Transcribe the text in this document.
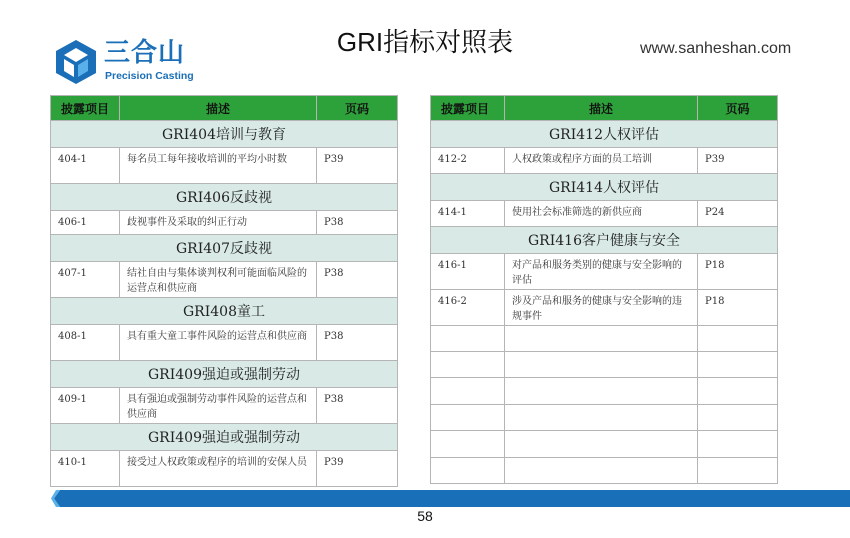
三合山
Precision Casting
GRI指标对照表	www.sanheshan.com
披露项目	描述	页码
GRI404培训与教育		
404-1	每名员工每年接收培训的平均小时数	P39
GRI406反歧视		
406-1	歧视事件及采取的纠正行动	P38
GRI407反歧视		
407-1	结社自由与集体谈判权利可能面临风险的运营点和供应商	P38
GRI408童工		
408-1	具有重大童工事件风险的运营点和供应商	P38
GRI409强迫或强制劳动		
409-1	具有强迫或强制劳动事件风险的运营点和供应商	P38
GRI409强迫或强制劳动		
410-1	接受过人权政策或程序的培训的安保人员	P39
披露项目	描述	页码
GRI412人权评估		
412-2	人权政策或程序方面的员工培训	P39
GRI414人权评估		
414-1	使用社会标准筛选的新供应商	P24
GRI416客户健康与安全		
416-1	对产品和服务类别的健康与安全影响的评估	P18
416-2	涉及产品和服务的健康与安全影响的违规事件	P18

58
